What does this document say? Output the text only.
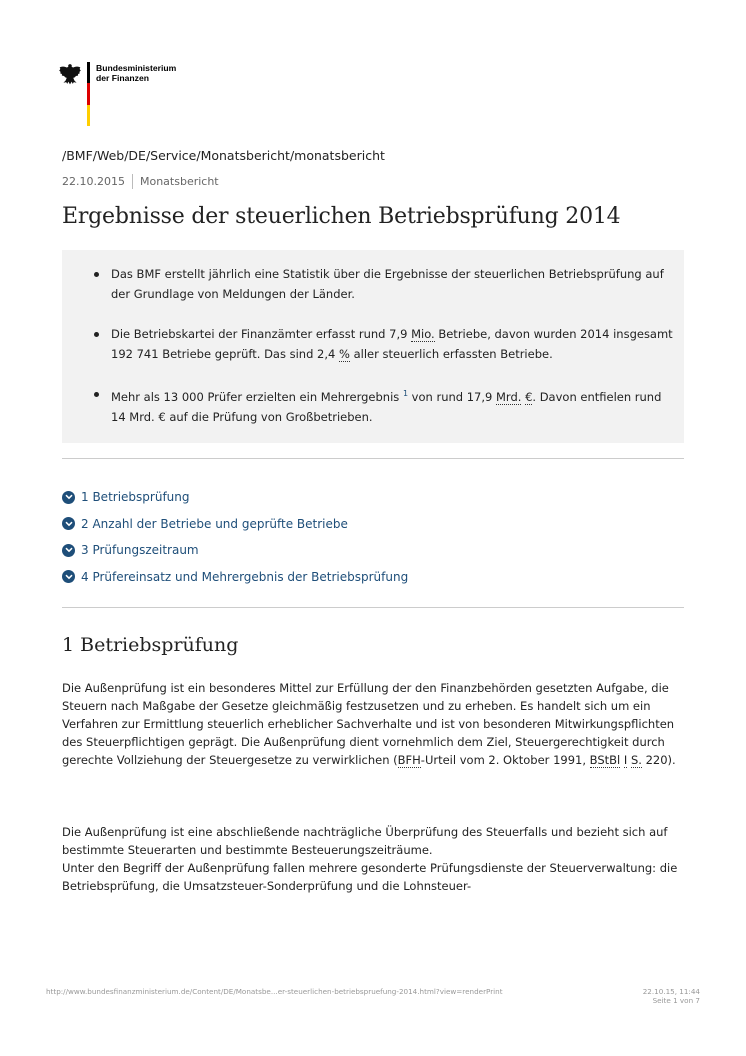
Bundesministerium
der Finanzen
/BMF/Web/DE/Service/Monatsbericht/monatsbericht
22.10.2015 Monatsbericht
Ergebnisse der steuerlichen Betriebsprüfung 2014
Das BMF erstellt jährlich eine Statistik über die Ergebnisse der steuerlichen Betriebsprüfung auf der Grundlage von Meldungen der Länder.
Die Betriebskartei der Finanzämter erfasst rund 7,9 Mio. Betriebe, davon wurden 2014 insgesamt 192 741 Betriebe geprüft. Das sind 2,4 % aller steuerlich erfassten Betriebe.
Mehr als 13 000 Prüfer erzielten ein Mehrergebnis $^1$ von rund 17,9 Mrd. €. Davon entfielen rund 14 Mrd. € auf die Prüfung von Großbetrieben.
1 Betriebsprüfung
2 Anzahl der Betriebe und geprüfte Betriebe
3 Prüfungszeitraum
4 Prüfereinsatz und Mehrergebnis der Betriebsprüfung
1 Betriebsprüfung

Die Außenprüfung ist ein besonderes Mittel zur Erfüllung der den Finanzbehörden gesetzten Aufgabe, die Steuern nach Maßgabe der Gesetze gleichmäßig festzusetzen und zu erheben. Es handelt sich um ein Verfahren zur Ermittlung steuerlich erheblicher Sachverhalte und ist von besonderen Mitwirkungspflichten des Steuerpflichtigen geprägt. Die Außenprüfung dient vornehmlich dem Ziel, Steuergerechtigkeit durch gerechte Vollziehung der Steuergesetze zu verwirklichen (BFH-Urteil vom 2. Oktober 1991, BStBl I S. 220).

Die Außenprüfung ist eine abschließende nachträgliche Überprüfung des Steuerfalls und bezieht sich auf bestimmte Steuerarten und bestimmte Besteuerungszeiträume.

Unter den Begriff der Außenprüfung fallen mehrere gesonderte Prüfungsdienste der Steuerverwaltung: die Betriebsprüfung, die Umsatzsteuer-Sonderprüfung und die Lohnsteuer-

http://www.bundesfinanzministerium.de/Content/DE/Monatsbe...er-steuerlichen-betriebspruefung-2014.html?view=renderPrint	22.10.15, 11:44
Seite 1 von 7
